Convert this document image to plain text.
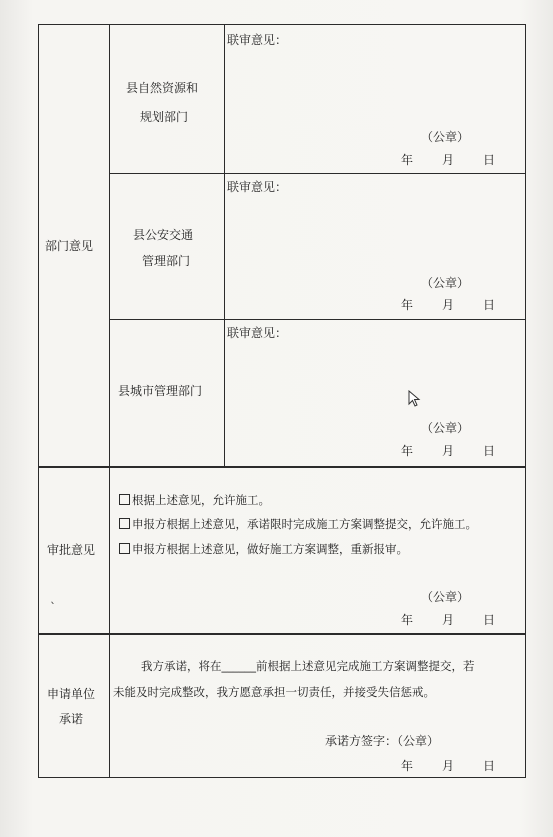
部门意见
县自然资源和
规划部门
联审意见：
（公章）
年 月 日
县公安交通
管理部门
联审意见：
（公章）
年 月 日
县城市管理部门
联审意见：
（公章）
年 月 日
审批意见
根据上述意见，允许施工。
申报方根据上述意见，承诺限时完成施工方案调整提交，允许施工。
申报方根据上述意见，做好施工方案调整，重新报审。
（公章）
年 月 日
ˎ
申请单位
承诺
我方承诺，将在______前根据上述意见完成施工方案调整提交，若
未能及时完成整改，我方愿意承担一切责任，并接受失信惩戒。
承诺方签字：（公章）
年 月 日
